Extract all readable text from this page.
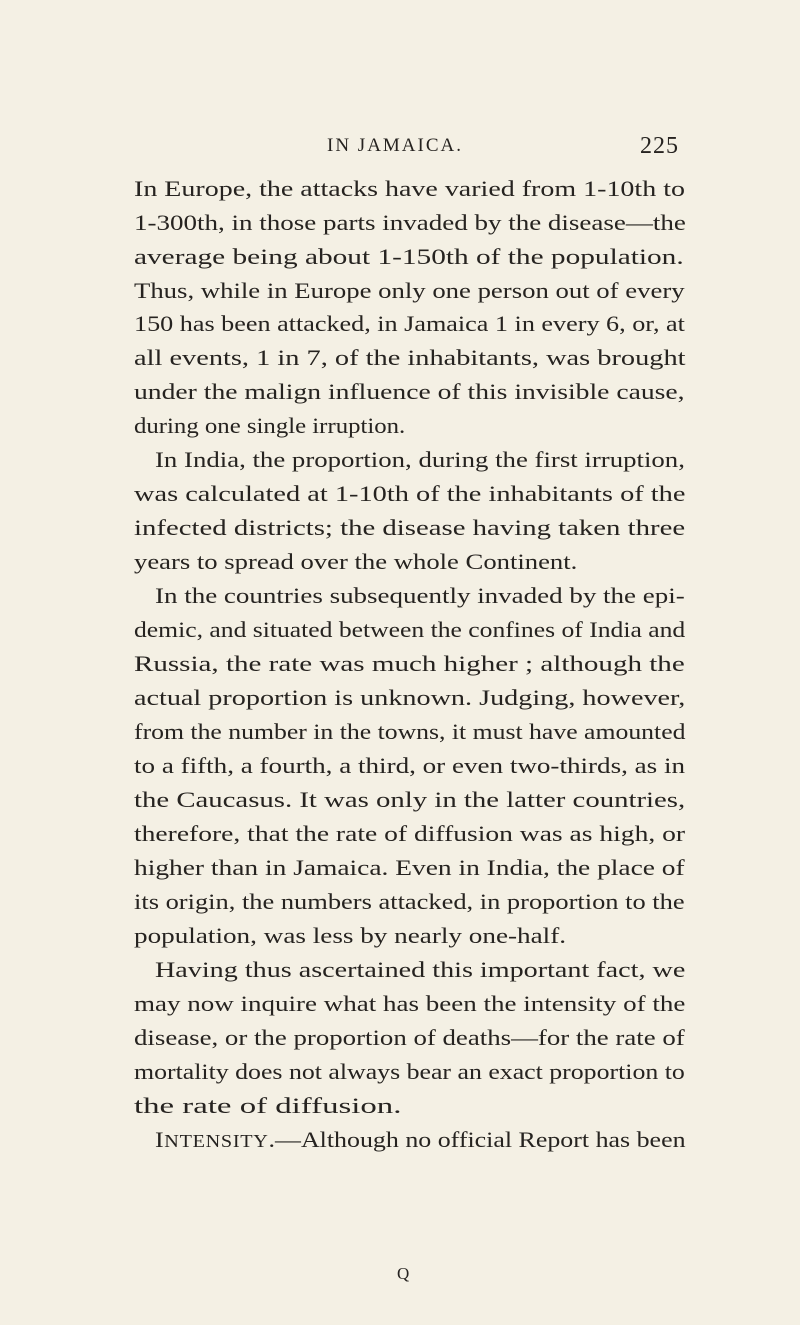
IN JAMAICA.	225
In Europe, the attacks have varied from 1-10th to
1-300th, in those parts invaded by the disease—the
average being about 1-150th of the population.
Thus, while in Europe only one person out of every
150 has been attacked, in Jamaica 1 in every 6, or, at
all events, 1 in 7, of the inhabitants, was brought
under the malign influence of this invisible cause,
during one single irruption.
In India, the proportion, during the first irruption,
was calculated at 1-10th of the inhabitants of the
infected districts; the disease having taken three
years to spread over the whole Continent.
In the countries subsequently invaded by the epi-
demic, and situated between the confines of India and
Russia, the rate was much higher ; although the
actual proportion is unknown. Judging, however,
from the number in the towns, it must have amounted
to a fifth, a fourth, a third, or even two-thirds, as in
the Caucasus. It was only in the latter countries,
therefore, that the rate of diffusion was as high, or
higher than in Jamaica. Even in India, the place of
its origin, the numbers attacked, in proportion to the
population, was less by nearly one-half.
Having thus ascertained this important fact, we
may now inquire what has been the intensity of the
disease, or the proportion of deaths—for the rate of
mortality does not always bear an exact proportion to
the rate of diffusion.
INTENSITY.—Although no official Report has been
Q
